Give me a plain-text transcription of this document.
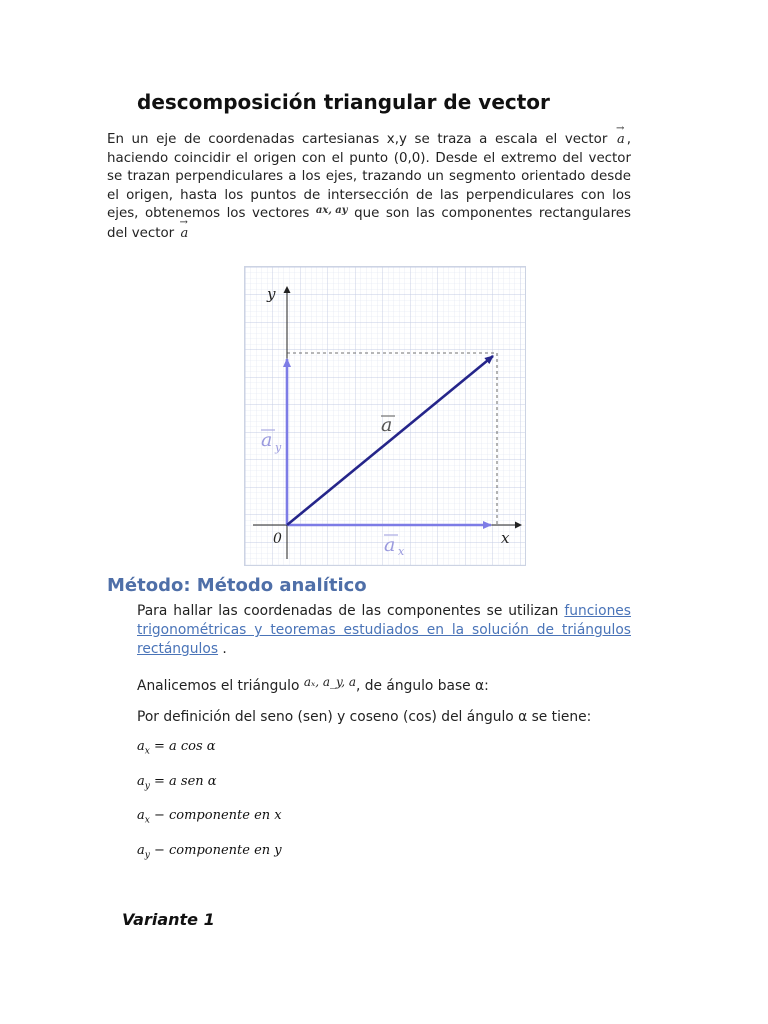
descomposición triangular de vector

En un eje de coordenadas cartesianas x,y se traza a escala el vector → a , haciendo coincidir el origen con el punto (0,0). Desde el extremo del vector se trazan perpendiculares a los ejes, trazando un segmento orientado desde el origen, hasta los puntos de intersección de las perpendiculares con los ejes, obtenemos los vectores ax, ay que son las componentes rectangulares del vector → a

y
x
0
a
a y
a x
Método: Método analítico

Para hallar las coordenadas de las componentes se utilizan funciones trigonométricas y teoremas estudiados en la solución de triángulos rectángulos .

Analicemos el triángulo aₓ, a_y, a, de ángulo base α:

Por definición del seno (sen) y coseno (cos) del ángulo α se tiene:

$a_x = a$ cos α
$a_y = a$ sen α
$a_x$ − componente en x
$a_y$ − componente en y
Variante 1
